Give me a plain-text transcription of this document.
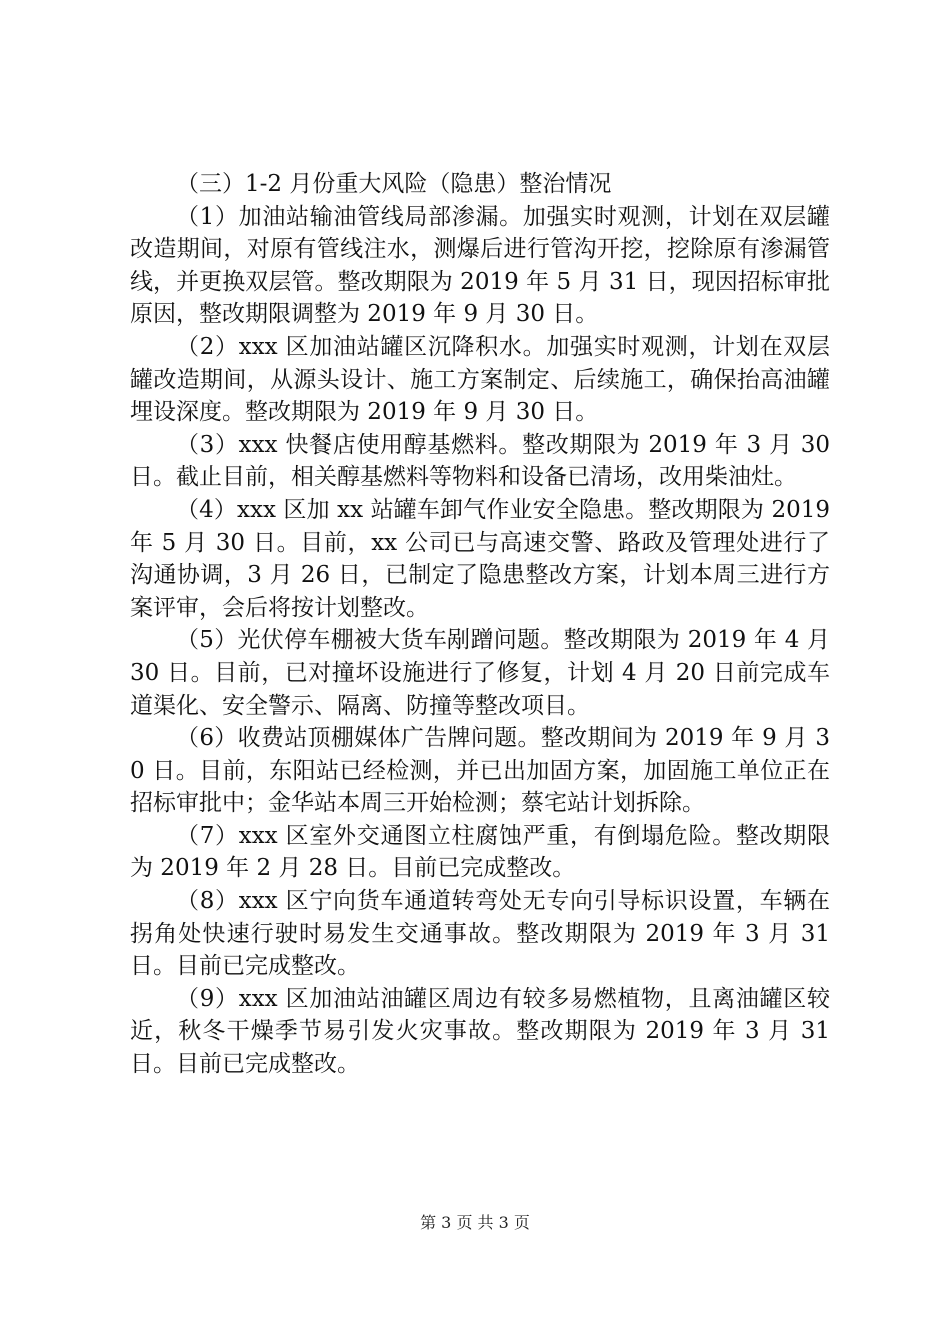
（三）1-2 月份重大风险（隐患）整治情况

（1）加油站输油管线局部渗漏。加强实时观测，计划在双层罐改造期间，对原有管线注水，测爆后进行管沟开挖，挖除原有渗漏管线，并更换双层管。整改期限为 2019 年 5 月 31 日，现因招标审批原因，整改期限调整为 2019 年 9 月 30 日。

（2）xxx 区加油站罐区沉降积水。加强实时观测，计划在双层罐改造期间，从源头设计、施工方案制定、后续施工，确保抬高油罐埋设深度。整改期限为 2019 年 9 月 30 日。

（3）xxx 快餐店使用醇基燃料。整改期限为 2019 年 3 月 30 日。截止目前，相关醇基燃料等物料和设备已清场，改用柴油灶。

（4）xxx 区加 xx 站罐车卸气作业安全隐患。整改期限为 2019 年 5 月 30 日。目前，xx 公司已与高速交警、路政及管理处进行了沟通协调，3 月 26 日，已制定了隐患整改方案，计划本周三进行方案评审，会后将按计划整改。

（5）光伏停车棚被大货车剐蹭问题。整改期限为 2019 年 4 月 30 日。目前，已对撞坏设施进行了修复，计划 4 月 20 日前完成车道渠化、安全警示、隔离、防撞等整改项目。

（6）收费站顶棚媒体广告牌问题。整改期间为 2019 年 9 月 30 日。目前，东阳站已经检测，并已出加固方案，加固施工单位正在招标审批中；金华站本周三开始检测；蔡宅站计划拆除。

（7）xxx 区室外交通图立柱腐蚀严重，有倒塌危险。整改期限为 2019 年 2 月 28 日。目前已完成整改。

（8）xxx 区宁向货车通道转弯处无专向引导标识设置，车辆在拐角处快速行驶时易发生交通事故。整改期限为 2019 年 3 月 31 日。目前已完成整改。

（9）xxx 区加油站油罐区周边有较多易燃植物，且离油罐区较近，秋冬干燥季节易引发火灾事故。整改期限为 2019 年 3 月 31 日。目前已完成整改。

第 3 页 共 3 页
